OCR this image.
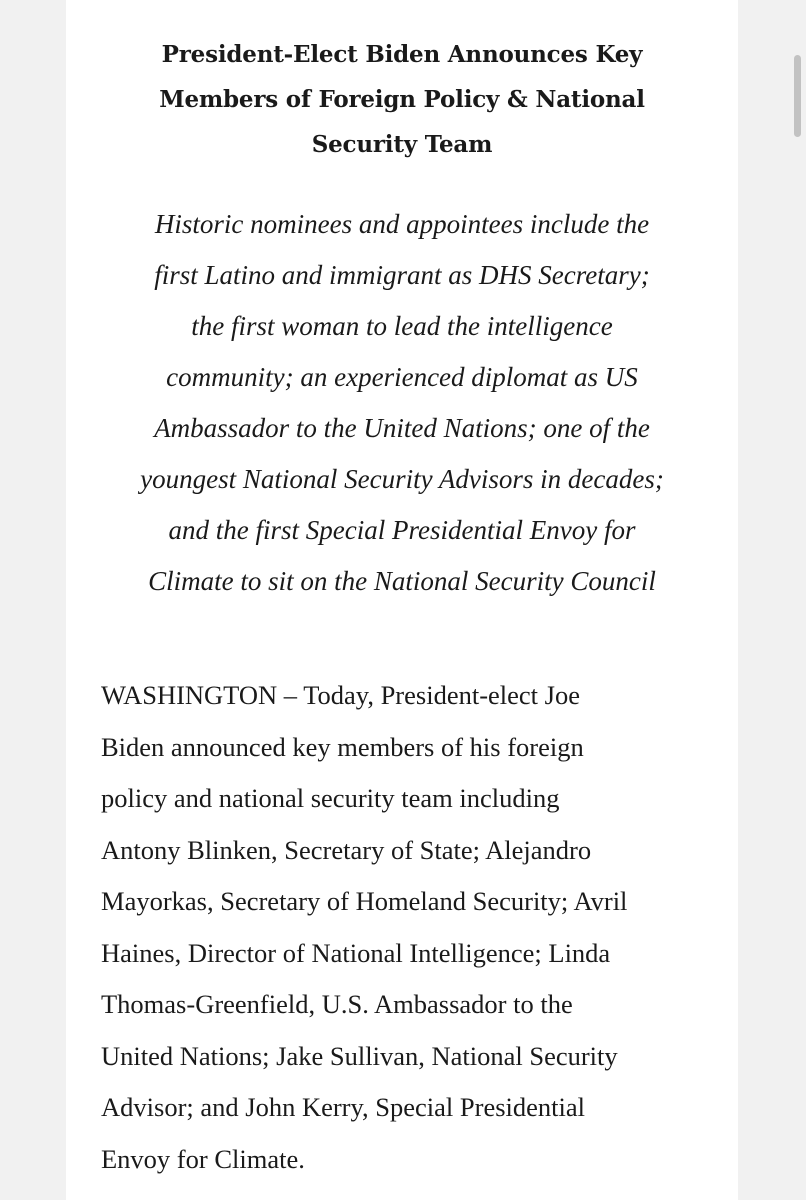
President-Elect Biden Announces Key
Members of Foreign Policy & National
Security Team

Historic nominees and appointees include the
first Latino and immigrant as DHS Secretary;
the first woman to lead the intelligence
community; an experienced diplomat as US
Ambassador to the United Nations; one of the
youngest National Security Advisors in decades;
and the first Special Presidential Envoy for
Climate to sit on the National Security Council

WASHINGTON – Today, President-elect Joe
Biden announced key members of his foreign
policy and national security team including
Antony Blinken, Secretary of State; Alejandro
Mayorkas, Secretary of Homeland Security; Avril
Haines, Director of National Intelligence; Linda
Thomas-Greenfield, U.S. Ambassador to the
United Nations; Jake Sullivan, National Security
Advisor; and John Kerry, Special Presidential
Envoy for Climate.
